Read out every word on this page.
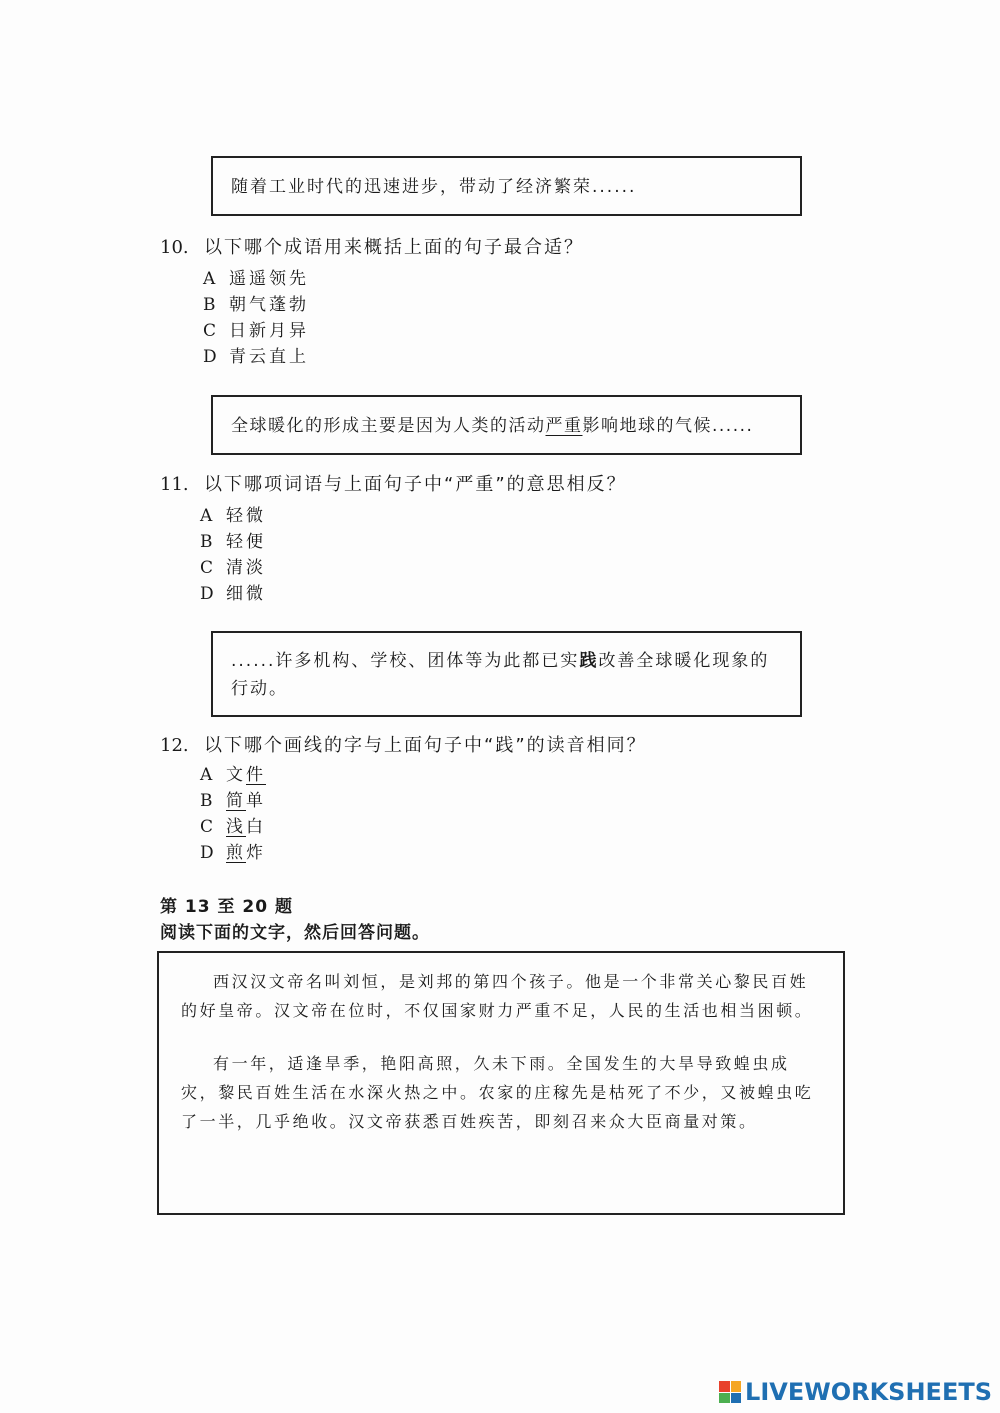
随着工业时代的迅速进步，带动了经济繁荣......
10. 以下哪个成语用来概括上面的句子最合适？
A 遥遥领先
B 朝气蓬勃
C 日新月异
D 青云直上
全球暖化的形成主要是因为人类的活动严重影响地球的气候......
11. 以下哪项词语与上面句子中“严重”的意思相反？
A 轻微
B 轻便
C 清淡
D 细微
......许多机构、学校、团体等为此都已实践改善全球暖化现象的
行动。
12. 以下哪个画线的字与上面句子中“践”的读音相同？
A 文件
B 简单
C 浅白
D 煎炸
第 13 至 20 题
阅读下面的文字，然后回答问题。

西汉汉文帝名叫刘恒，是刘邦的第四个孩子。他是一个非常关心黎民百姓的好皇帝。汉文帝在位时，不仅国家财力严重不足，人民的生活也相当困顿。

有一年，适逢旱季，艳阳高照，久未下雨。全国发生的大旱导致蝗虫成灾，黎民百姓生活在水深火热之中。农家的庄稼先是枯死了不少，又被蝗虫吃了一半，几乎绝收。汉文帝获悉百姓疾苦，即刻召来众大臣商量对策。

LIVEWORKSHEETS
